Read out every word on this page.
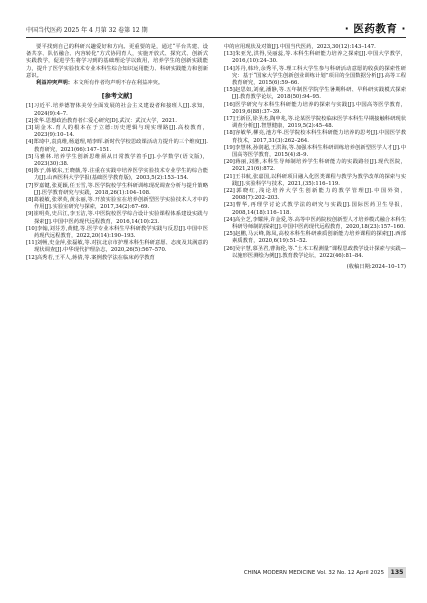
中国当代医药 2025 年 4 月第 32 卷第 12 期	· 医药教育 ·

要平找到自己的科研兴趣爱好和方向。更重要的是，通过“平台共建、设备共享、队伍融合、内容转化”方式协同育人，实施开放式、探究式、创新式实践教学，促进学生将学习到的基础理论学以致用，培养学生的创新实践能力，提升了医学实验技术专业本科生综合知识运用能力、科研实践能力和创新意识。

利益冲突声明：本文所有作者均声明不存在利益冲突。

[参考文献]

[1]习近平.培养德智体美劳全面发展的社会主义建设者和接班人[J].求知，2024(9):4–7.

[2]张华.思想政治教育者仁爱心研究[D].武汉：武汉大学，2021.

[3]胡金木.育人的根本在于立德:历史逻辑与现实理路[J].高校教育，2023(9):10–14.

[4]郑琦中,袁真维,杨道理,哨李晖.新时代学校思政课活动力提升的三个维度[J].教育研究，2021(66):147–151.

[5]马雅林.培养学生创新思维须从日常教学着手[J].小学数学(语文版)，2023(30):38.

[6]陈子,韩敏东,王晓薇,等.注重在实践中培养医学实验技术专业学生的综合能力[J].山西医科大学学报(基础医学教育版)，2003,5(2):153–154.

[7]罗嘉键,张夏颖,任玉雪,等.医学院校学生科研训练现况调查分析与提升策略[J].医学教育研究与实践，2018,26(1):104–108.

[8]葛毅敏,张翠英,黄永丽,等.开放实验室在培养创新型医学实验技术人才中的作用[J].实验室研究与探索，2017,34(2):67–69.

[9]崔明英,史吕江,李玉洁,等.中医院校医学综合设计实验课程体系建设实践与探索[J].中国中医药现代远程教育，2016,14(10):23.

[10]李翰,刘芬芳,黄健,等.医学专业本科生早科研教学实践与反思[J].中国中医药现代远程教育，2022,20(14):190–193.

[11]刘畅,史金萍,张磊敏,等.对抗北京市护理本科生科研意愿、态度及其满意的现状调查[J].中华现代护理杂志，2020,26(5):567–570.

[12]高秀若,王平人,蒋倩,等.案例教学法在临床药学教育

中的应用现状及对策[J].中国当代医药，2023,30(12):143–147.

[13]朱亚光,洪得,吴丽蕊,等.本科生科研能力培养之探索[J].中国大学教学，2016,(10):24–30.

[14]苏丹,韩玲,余秀平,等.理工科大学生参与科研活动意愿的收获的探索性研究：基于“国家大学生创新创业训练计划”项目的全国数据分析[J].高等工程教育研究，2015(6):59–66.

[15]赵思如,刘童,潘静,等.五年制医学院学生暑期科研、早科研实践模式探索[J].教育教学论坛，2018(50):94–95.

[16]医学研究与本科生科研能力培养的探索与实践[J].中国高等医学教育，2019,6(88):37–39.

[17]王新臣,徐圣杰,陶申兆,等.论某医学院校临床医学本科生早期接触科研现状调查分析[J].智慧健康，2019,5(2):45–48.

[18]容敏华,柳亮,池方华.医学院校本科生科研能力培养的思考[J].中国医学教育技术，2017,31(3):262–264.

[19]李慧林,孙润超,王洪海,等.加强本科生科研训练培养创新型医学人才[J].中国高等医学教育，2015(4):8–9.

[20]蒋丽,刘胜,本科生导师制培养学生科研能力的实践路径[J].现代医院，2021,21(6):872.

[21]王书航,张嘉国,以科研项目融入化医类课程与教学为教学改革的探索与实践[J].实验科学与技术，2021,(35):116–119.

[22]郭晓红,浅论培养大学生创新能力的教学管理[J].中国外资，2008(7):202–203.

[23]曹华,再理学讨论式教学法的研究与实践[J].国际医药卫生导报，2008,14(18):116–118.

[24]高全芝,李耀萍,许金爱,等.高等中医药院校创新型人才培养模式融合本科生科研导师制的探索[J].中国中医药现代远程教育，2020,18(23):157–160.

[25]赵鹏,马云峰,陈凤,高校本科生科研素质创新能力培养课程的探索[J].西部素质教育，2020,6(19):51–52.

[26]吴宇慧,慕圣君,曹海伦,等.“土木工程测量”课程思政教学设计探索与实践—以施形医测绘为例[J].教育教学论坛，2022(46):81–84.

(收稿日期:2024–10–17)
CHINA MODERN MEDICINE Vol. 32 No. 12 April 2025	135
